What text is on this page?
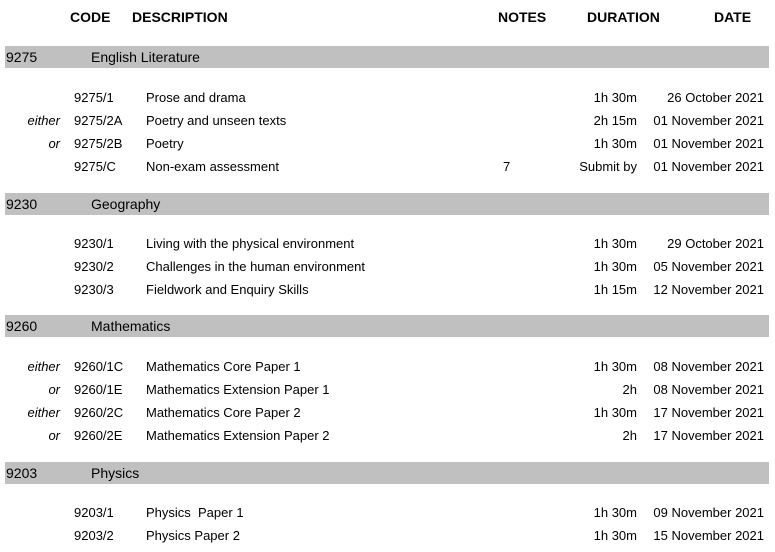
CODE DESCRIPTION	NOTES	DURATION	DATE
9275	English Literature
9275/1 Prose and drama	1h 30m 26 October 2021
either 9275/2A Poetry and unseen texts	2h 15m 01 November 2021
or 9275/2B Poetry	1h 30m 01 November 2021
9275/C Non-exam assessment	7	Submit by 01 November 2021
9230	Geography
9230/1 Living with the physical environment	1h 30m 29 October 2021
9230/2 Challenges in the human environment	1h 30m 05 November 2021
9230/3 Fieldwork and Enquiry Skills	1h 15m 12 November 2021
9260	Mathematics
either 9260/1C Mathematics Core Paper 1	1h 30m 08 November 2021
or 9260/1E Mathematics Extension Paper 1	2h 08 November 2021
either 9260/2C Mathematics Core Paper 2	1h 30m 17 November 2021
or 9260/2E Mathematics Extension Paper 2	2h 17 November 2021
9203	Physics
9203/1 Physics  Paper 1	1h 30m 09 November 2021
9203/2 Physics Paper 2	1h 30m 15 November 2021
